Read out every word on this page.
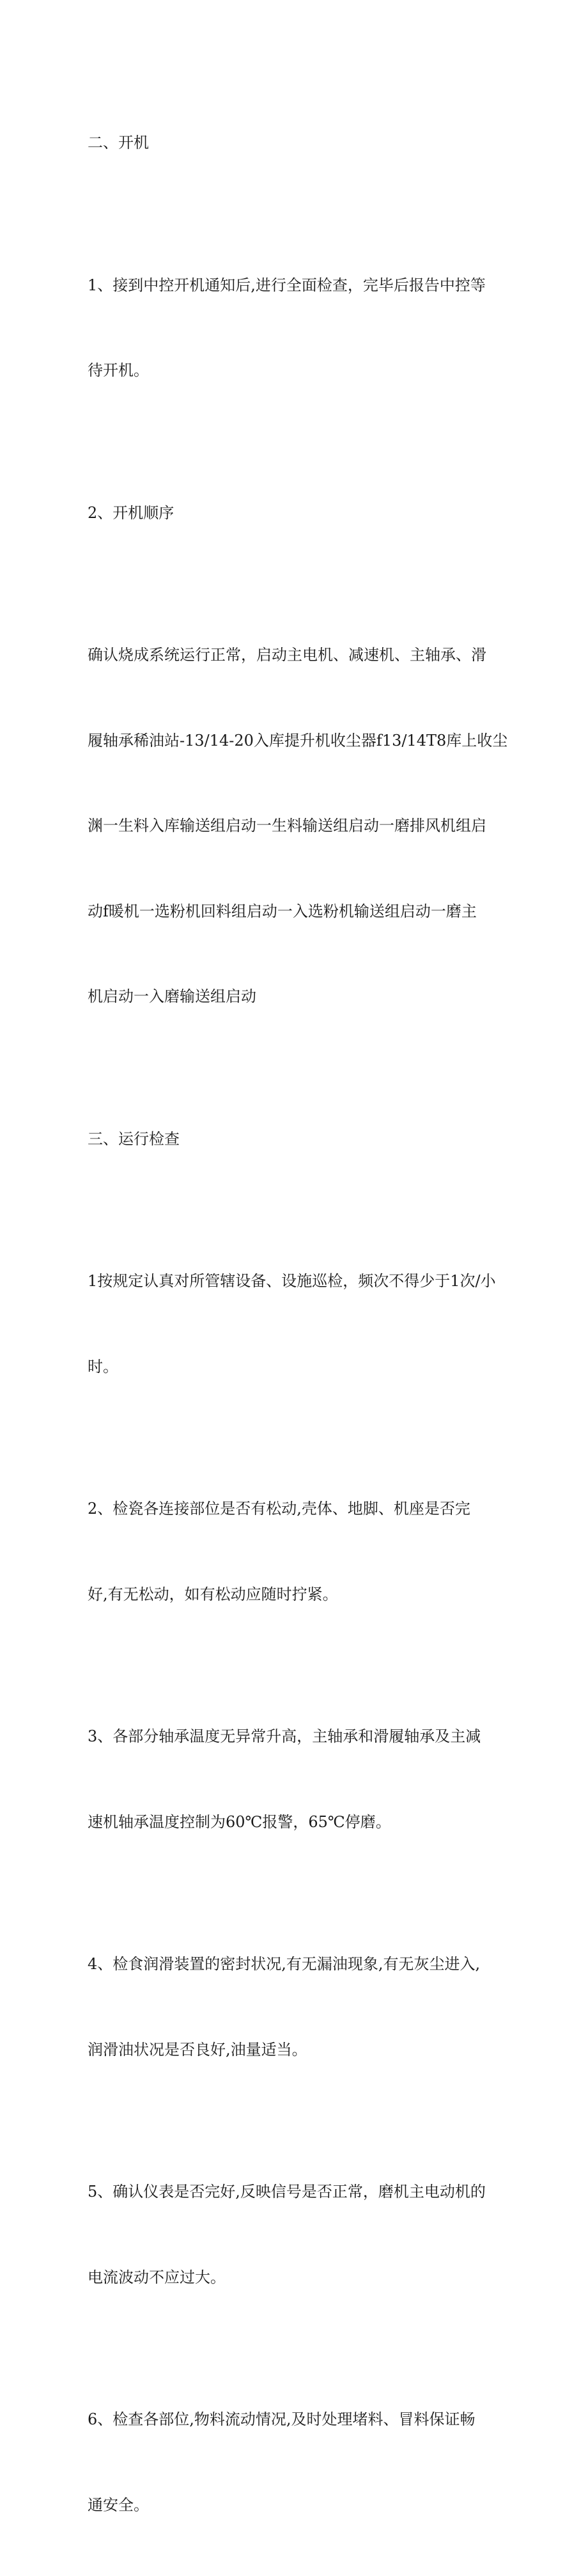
二、开机

1、接到中控开机通知后,进行全面检查，完毕后报告中控等

待开机。

2、开机顺序

确认烧成系统运行正常，启动主电机、减速机、主轴承、滑

履轴承稀油站-13/14-20入库提升机收尘器f13/14T8库上收尘

渊一生料入库输送组启动一生料输送组启动一磨排风机组启

动f暖机一选粉机回料组启动一入选粉机输送组启动一磨主

机启动一入磨输送组启动

三、运行检查

1按规定认真对所管辖设备、设施巡检，频次不得少于1次/小

时。

2、检瓷各连接部位是否有松动,壳体、地脚、机座是否完

好,有无松动，如有松动应随时拧紧。

3、各部分轴承温度无异常升高，主轴承和滑履轴承及主减

速机轴承温度控制为60℃报警，65℃停磨。

4、检食润滑装置的密封状况,有无漏油现象,有无灰尘进入,

润滑油状况是否良好,油量适当。

5、确认仪表是否完好,反映信号是否正常，磨机主电动机的

电流波动不应过大。

6、检查各部位,物料流动情况,及时处理堵料、冒料保证畅

通安全。
